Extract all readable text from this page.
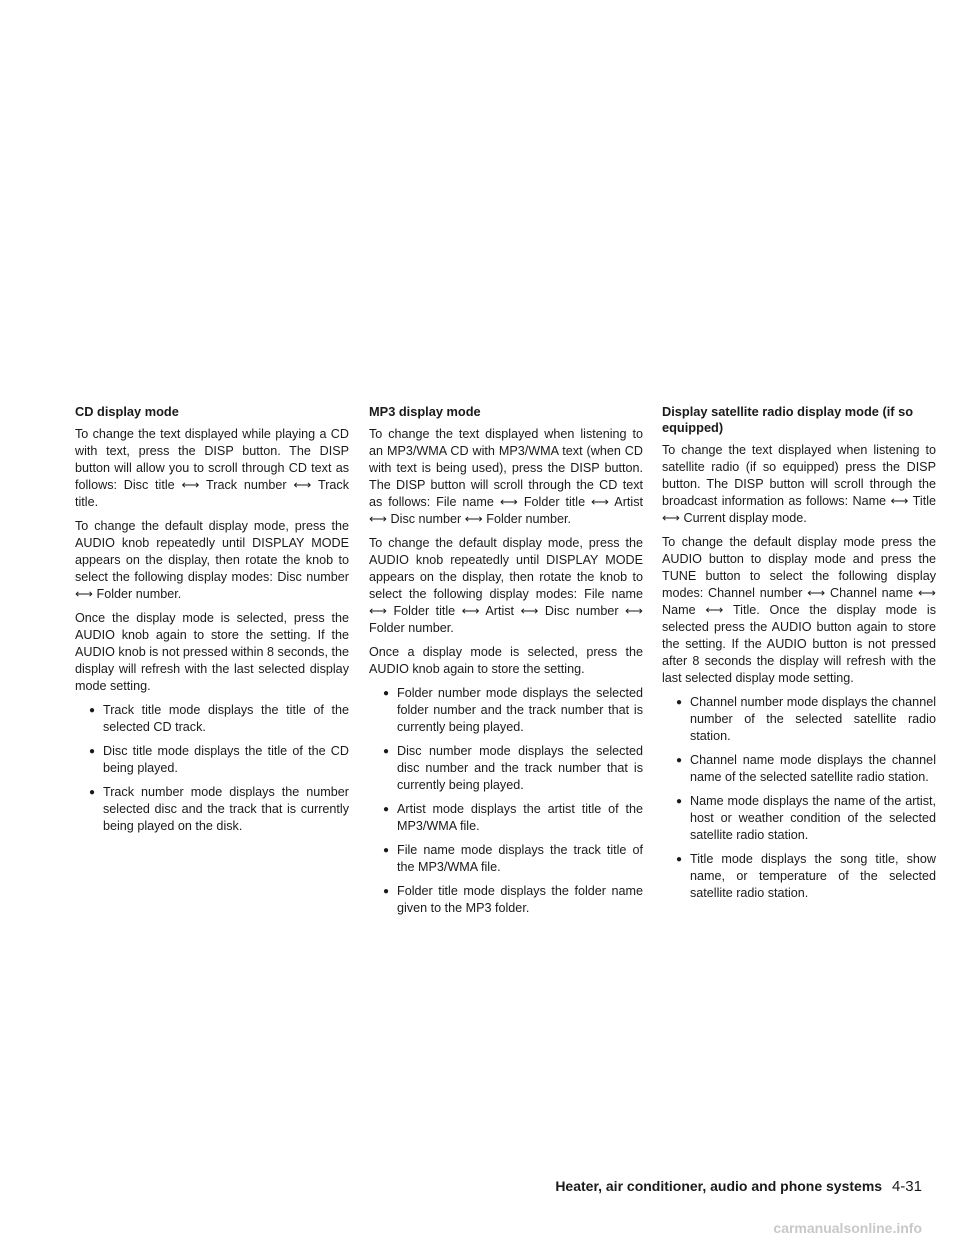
CD display mode

To change the text displayed while playing a CD with text, press the DISP button. The DISP button will allow you to scroll through CD text as follows: Disc title ⟷ Track number ⟷ Track title.

To change the default display mode, press the AUDIO knob repeatedly until DISPLAY MODE appears on the display, then rotate the knob to select the following display modes: Disc number ⟷ Folder number.

Once the display mode is selected, press the AUDIO knob again to store the setting. If the AUDIO knob is not pressed within 8 seconds, the display will refresh with the last selected display mode setting.

● Track title mode displays the title of the selected CD track.
● Disc title mode displays the title of the CD being played.
● Track number mode displays the number selected disc and the track that is currently being played on the disk.
MP3 display mode

To change the text displayed when listening to an MP3/WMA CD with MP3/WMA text (when CD with text is being used), press the DISP button. The DISP button will scroll through the CD text as follows: File name ⟷ Folder title ⟷ Artist ⟷ Disc number ⟷ Folder number.

To change the default display mode, press the AUDIO knob repeatedly until DISPLAY MODE appears on the display, then rotate the knob to select the following display modes: File name ⟷ Folder title ⟷ Artist ⟷ Disc number ⟷ Folder number.

Once a display mode is selected, press the AUDIO knob again to store the setting.

● Folder number mode displays the selected folder number and the track number that is currently being played.
● Disc number mode displays the selected disc number and the track number that is currently being played.
● Artist mode displays the artist title of the MP3/WMA file.
● File name mode displays the track title of the MP3/WMA file.
● Folder title mode displays the folder name given to the MP3 folder.
Display satellite radio display mode (if so equipped)

To change the text displayed when listening to satellite radio (if so equipped) press the DISP button. The DISP button will scroll through the broadcast information as follows: Name ⟷ Title ⟷ Current display mode.

To change the default display mode press the AUDIO button to display mode and press the TUNE button to select the following display modes: Channel number ⟷ Channel name ⟷ Name ⟷ Title. Once the display mode is selected press the AUDIO button again to store the setting. If the AUDIO button is not pressed after 8 seconds the display will refresh with the last selected display mode setting.

● Channel number mode displays the channel number of the selected satellite radio station.
● Channel name mode displays the channel name of the selected satellite radio station.
● Name mode displays the name of the artist, host or weather condition of the selected satellite radio station.
● Title mode displays the song title, show name, or temperature of the selected satellite radio station.
Heater, air conditioner, audio and phone systems 4-31
carmanualsonline.info
